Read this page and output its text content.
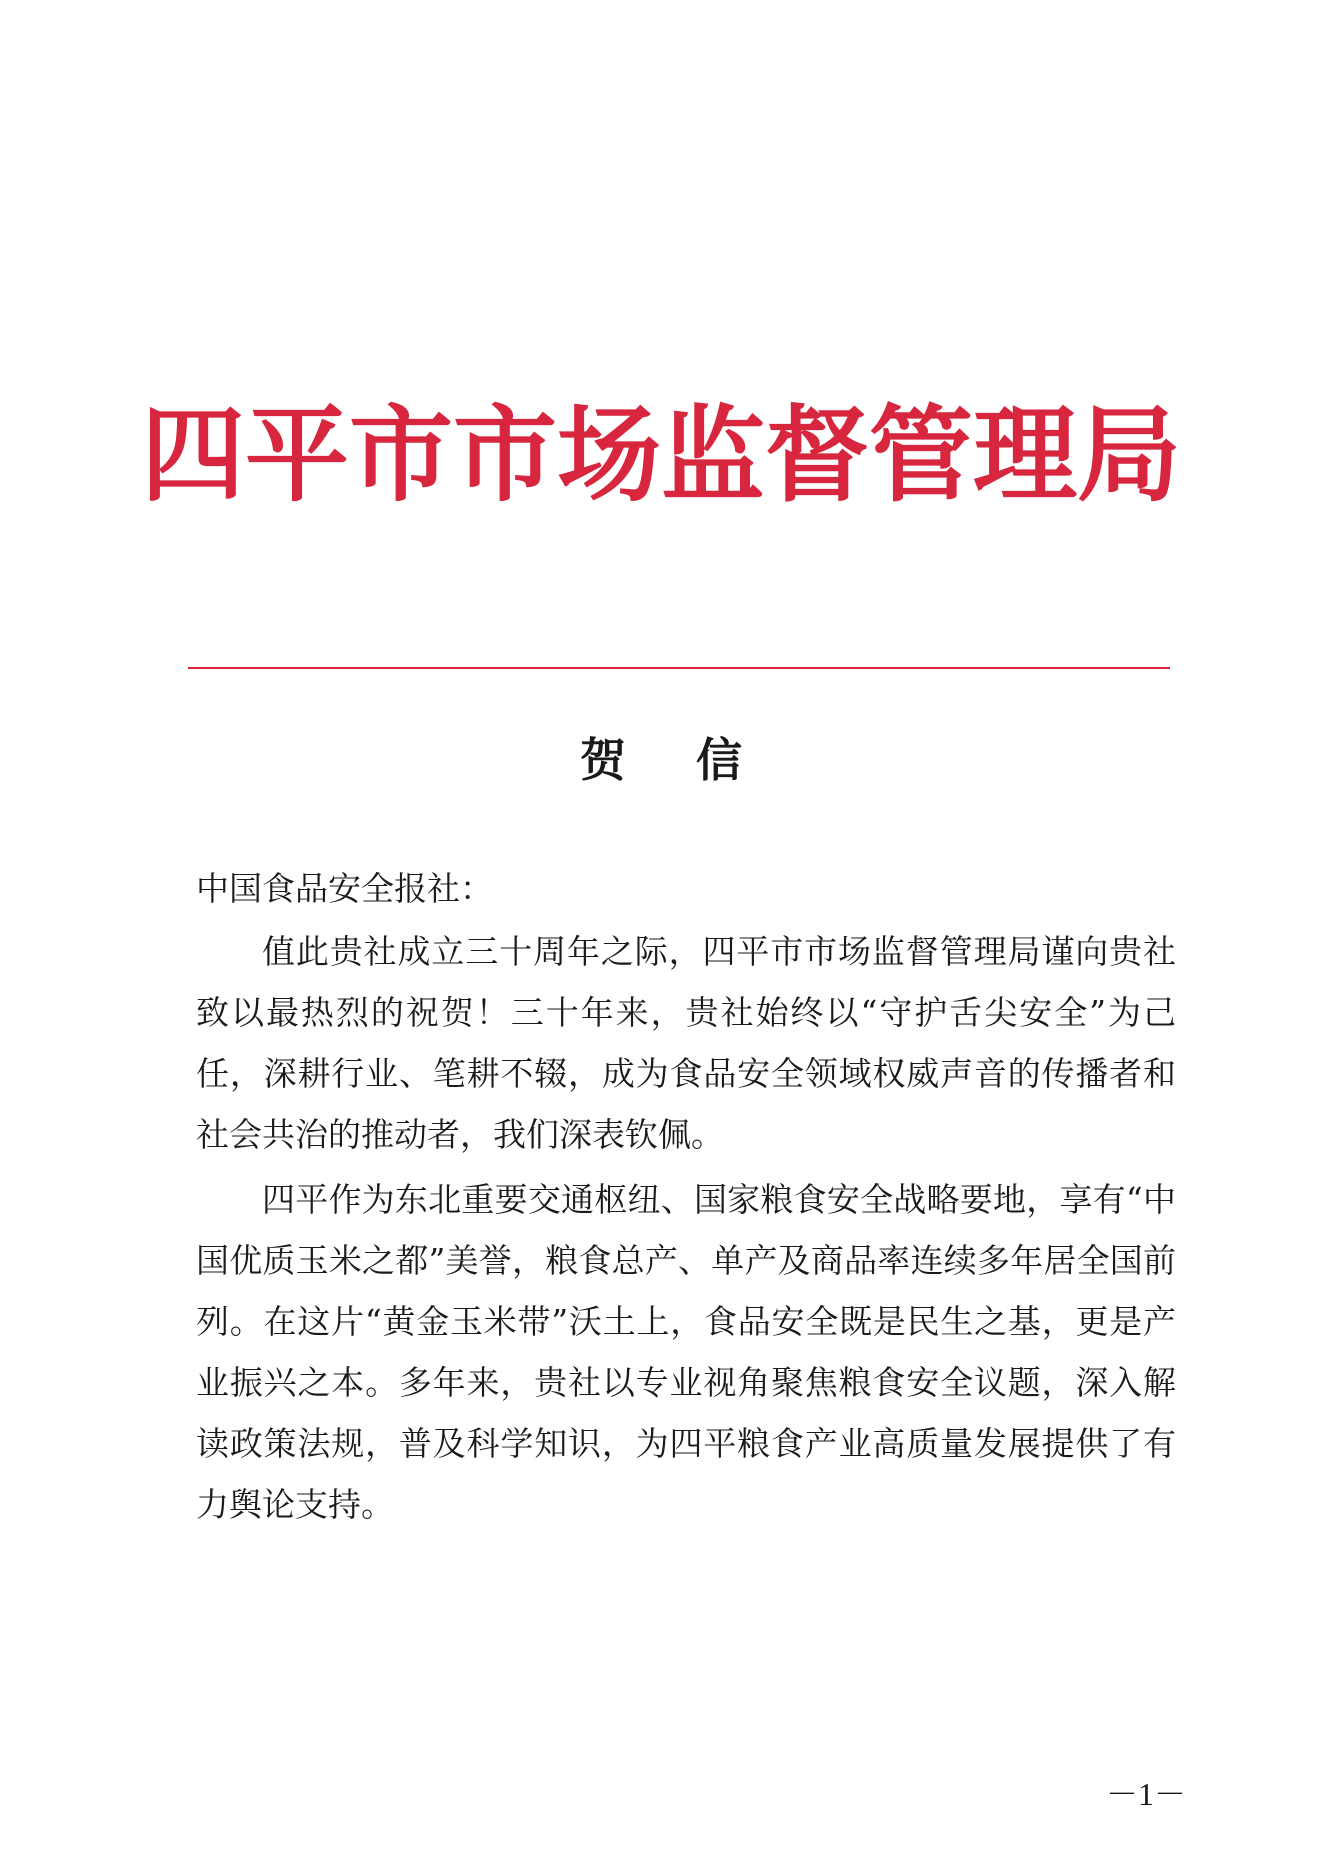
四平市市场监督管理局
贺 信

中国食品安全报社：

值此贵社成立三十周年之际，四平市市场监督管理局谨向贵社致以最热烈的祝贺！三十年来，贵社始终以“守护舌尖安全”为己任，深耕行业、笔耕不辍，成为食品安全领域权威声音的传播者和社会共治的推动者，我们深表钦佩。

四平作为东北重要交通枢纽、国家粮食安全战略要地，享有“中国优质玉米之都”美誉，粮食总产、单产及商品率连续多年居全国前列。在这片“黄金玉米带”沃土上，食品安全既是民生之基，更是产业振兴之本。多年来，贵社以专业视角聚焦粮食安全议题，深入解读政策法规，普及科学知识，为四平粮食产业高质量发展提供了有力舆论支持。

－1－
